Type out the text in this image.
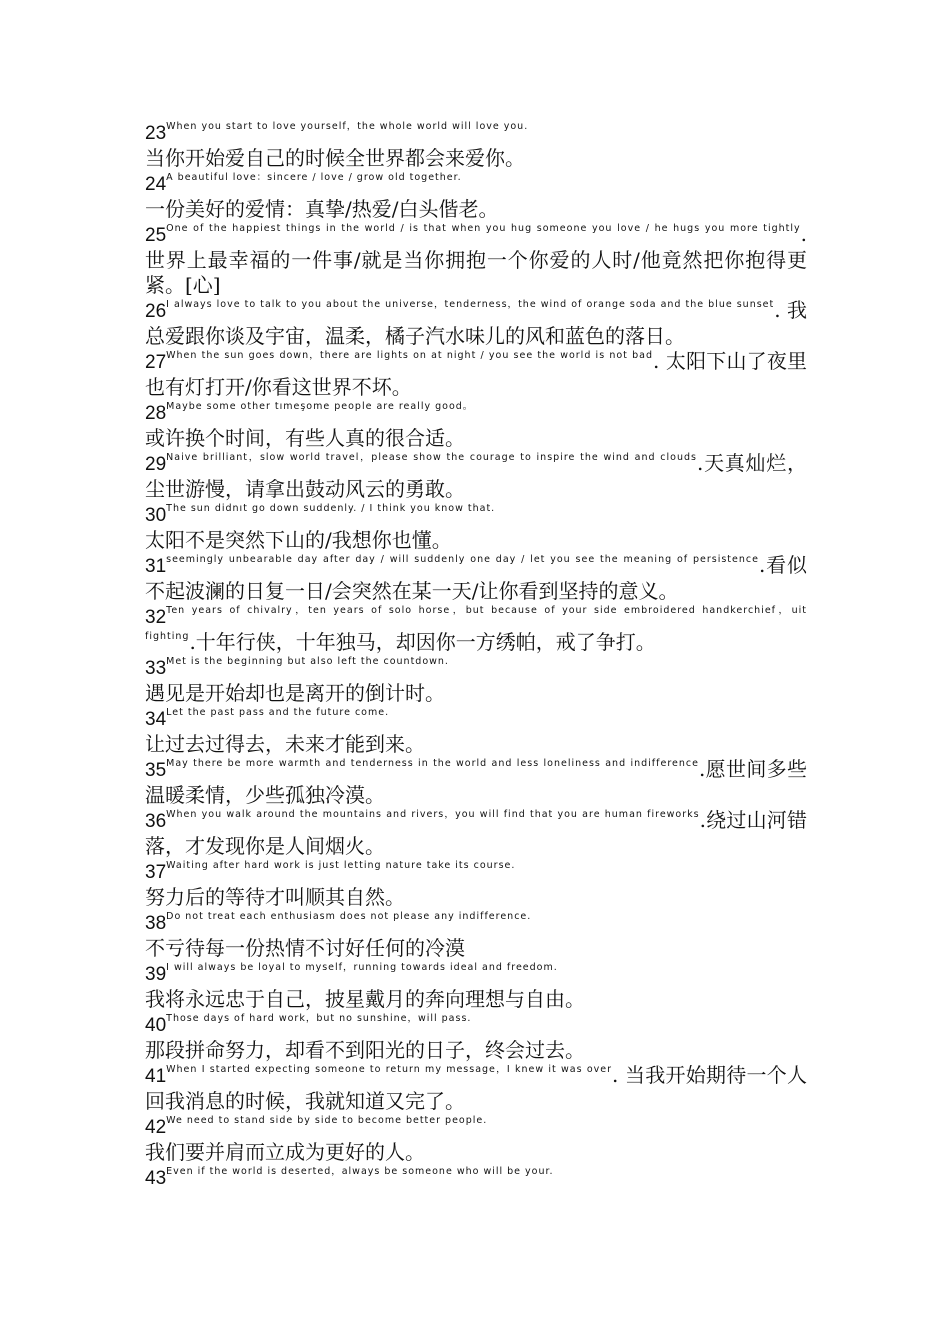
$23^{When you start to love yourself,the whole world will love you.}$
当你开始爱自己的时候全世界都会来爱你。
$24^{A beautiful love:sincere / love / grow old together.}$
一份美好的爱情：真挚/热爱/白头偕老。
$25^{One of the happiest things in the world / is that when you hug someone you love / he hugs you more tightly}$.世界上最幸福的一件事/就是当你拥抱一个你爱的人时/他竟然把你抱得更紧。[心]
$26^{I always love to talk to you about the universe,tenderness,the wind of orange soda and the blue sunset}$. 我总爱跟你谈及宇宙，温柔，橘子汽水味儿的风和蓝色的落日。
$27^{When the sun goes down,there are lights on at night / you see the world is not bad}$. 太阳下山了夜里也有灯打开/你看这世界不坏。
$28^{Maybe some other tımeşome people are really good。}$
或许换个时间，有些人真的很合适。
$29^{Naive brilliant,slow world travel,please show the courage to inspire the wind and clouds}$.天真灿烂，尘世游慢，请拿出鼓动风云的勇敢。
$30^{The sun didnıt go down suddenly. / I think you know that.}$
太阳不是突然下山的/我想你也懂。
$31^{seemingly unbearable day after day / will suddenly one day / let you see the meaning of persistence}$.看似不起波澜的日复一日/会突然在某一天/让你看到坚持的意义。
$32^{Ten years of chivalry,ten years of solo horse,but because of your side embroidered handkerchief,uit fighting}$.十年行侠，十年独马，却因你一方绣帕，戒了争打。
$33^{Met is the beginning but also left the countdown.}$
遇见是开始却也是离开的倒计时。
$34^{Let the past pass and the future come.}$
让过去过得去，未来才能到来。
$35^{May there be more warmth and tenderness in the world and less loneliness and indifference}$.愿世间多些温暖柔情，少些孤独冷漠。
$36^{When you walk around the mountains and rivers,you will find that you are human fireworks}$.绕过山河错落，才发现你是人间烟火。
$37^{Waiting after hard work is just letting nature take its course.}$
努力后的等待才叫顺其自然。
$38^{Do not treat each enthusiasm does not please any indifference.}$
不亏待每一份热情不讨好任何的冷漠
$39^{I will always be loyal to myself,running towards ideal and freedom.}$
我将永远忠于自己，披星戴月的奔向理想与自由。
$40^{Those days of hard work,but no sunshine,will pass.}$
那段拼命努力，却看不到阳光的日子，终会过去。
$41^{When I started expecting someone to return my message,I knew it was over}$. 当我开始期待一个人回我消息的时候，我就知道又完了。
$42^{We need to stand side by side to become better people.}$
我们要并肩而立成为更好的人。
$43^{Even if the world is deserted,always be someone who will be your.}$
